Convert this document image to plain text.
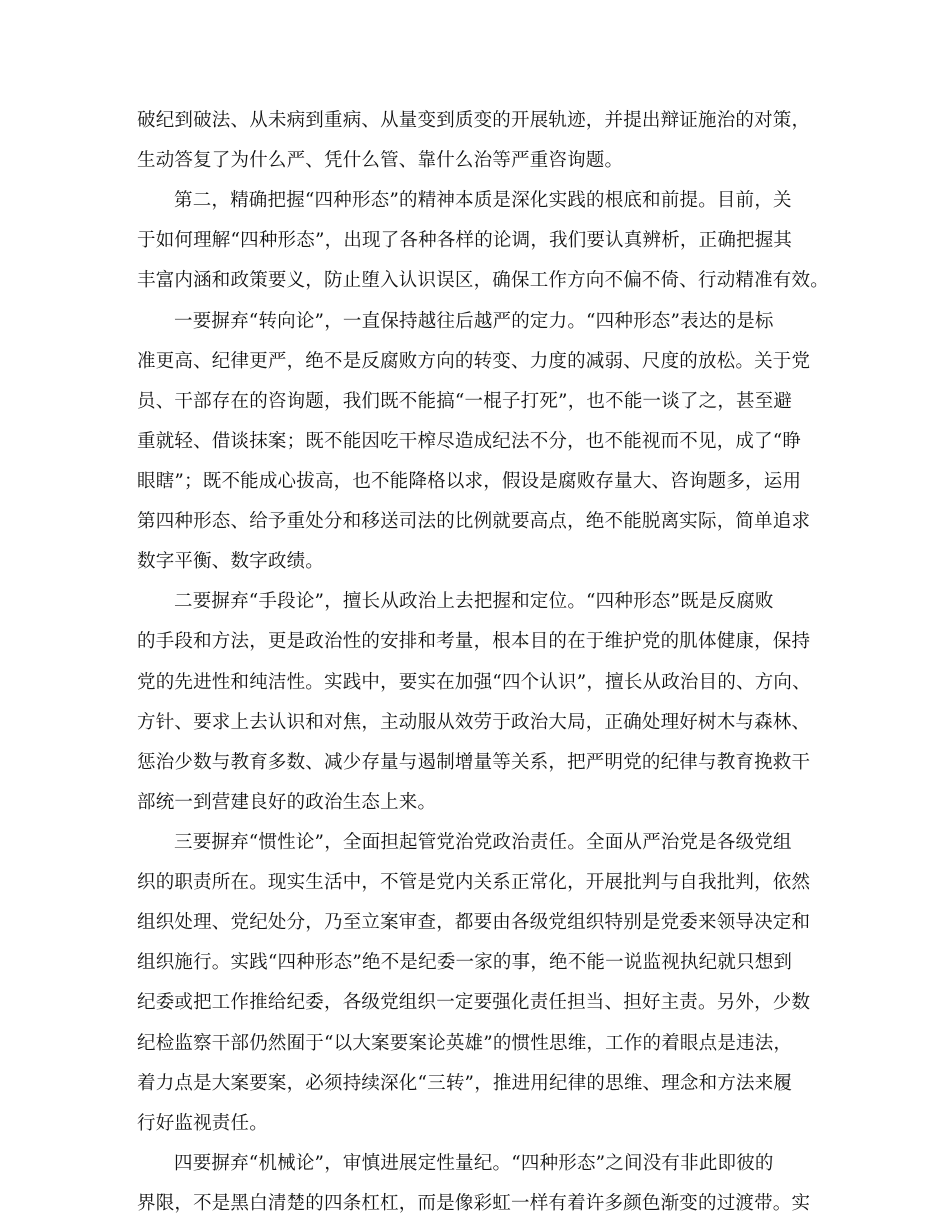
破纪到破法、从未病到重病、从量变到质变的开展轨迹，并提出辩证施治的对策，
生动答复了为什么严、凭什么管、靠什么治等严重咨询题。
第二，精确把握“四种形态”的精神本质是深化实践的根底和前提。目前，关
于如何理解“四种形态”，出现了各种各样的论调，我们要认真辨析，正确把握其
丰富内涵和政策要义，防止堕入认识误区，确保工作方向不偏不倚、行动精准有效。
一要摒弃“转向论”，一直保持越往后越严的定力。“四种形态”表达的是标
准更高、纪律更严，绝不是反腐败方向的转变、力度的减弱、尺度的放松。关于党
员、干部存在的咨询题，我们既不能搞“一棍子打死”，也不能一谈了之，甚至避
重就轻、借谈抹案；既不能因吃干榨尽造成纪法不分，也不能视而不见，成了“睁
眼瞎”；既不能成心拔高，也不能降格以求，假设是腐败存量大、咨询题多，运用
第四种形态、给予重处分和移送司法的比例就要高点，绝不能脱离实际，简单追求
数字平衡、数字政绩。
二要摒弃“手段论”，擅长从政治上去把握和定位。“四种形态”既是反腐败
的手段和方法，更是政治性的安排和考量，根本目的在于维护党的肌体健康，保持
党的先进性和纯洁性。实践中，要实在加强“四个认识”，擅长从政治目的、方向、
方针、要求上去认识和对焦，主动服从效劳于政治大局，正确处理好树木与森林、
惩治少数与教育多数、减少存量与遏制增量等关系，把严明党的纪律与教育挽救干
部统一到营建良好的政治生态上来。
三要摒弃“惯性论”，全面担起管党治党政治责任。全面从严治党是各级党组
织的职责所在。现实生活中，不管是党内关系正常化，开展批判与自我批判，依然
组织处理、党纪处分，乃至立案审查，都要由各级党组织特别是党委来领导决定和
组织施行。实践“四种形态”绝不是纪委一家的事，绝不能一说监视执纪就只想到
纪委或把工作推给纪委，各级党组织一定要强化责任担当、担好主责。另外，少数
纪检监察干部仍然囿于“以大案要案论英雄”的惯性思维，工作的着眼点是违法，
着力点是大案要案，必须持续深化“三转”，推进用纪律的思维、理念和方法来履
行好监视责任。
四要摒弃“机械论”，审慎进展定性量纪。“四种形态”之间没有非此即彼的
界限，不是黑白清楚的四条杠杠，而是像彩虹一样有着许多颜色渐变的过渡带。实
